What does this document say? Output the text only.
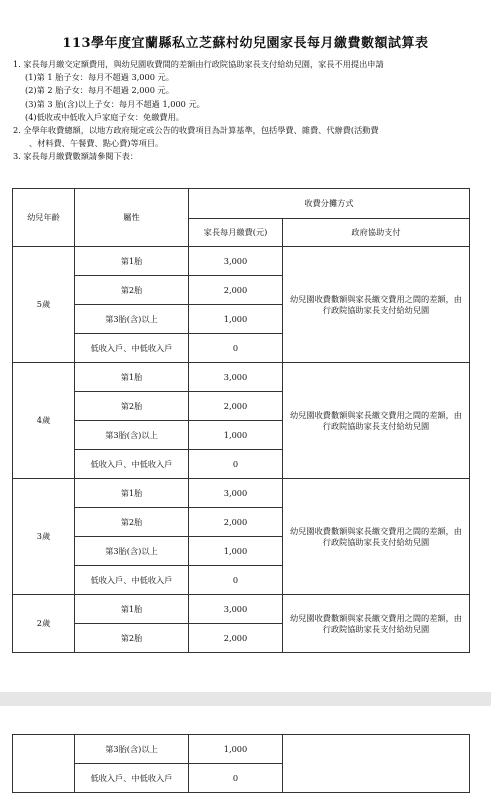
113學年度宜蘭縣私立芝蘇村幼兒園家長每月繳費數額試算表
1. 家長每月繳交定額費用，與幼兒園收費間的差額由行政院協助家長支付給幼兒園，家長不用提出申請
(1)第 1 胎子女：每月不超過 3,000 元。
(2)第 2 胎子女：每月不超過 2,000 元。
(3)第 3 胎(含)以上子女：每月不超過 1,000 元。
(4)低收或中低收入戶家庭子女：免繳費用。
2. 全學年收費總額，以地方政府規定或公告的收費項目為計算基準，包括學費、雜費、代辦費(活動費
、材料費、午餐費、點心費)等項目。
3. 家長每月繳費數額請參閱下表：
幼兒年齡	屬性	收費分攤方式	
		家長每月繳費(元)	政府協助支付
5歲	第1胎	3,000	幼兒園收費數額與家長繳交費用之間的差額，由行政院協助家長支付給幼兒園
	第2胎	2,000	
	第3胎(含)以上	1,000	
	低收入戶、中低收入戶	0	
4歲	第1胎	3,000	幼兒園收費數額與家長繳交費用之間的差額，由行政院協助家長支付給幼兒園
	第2胎	2,000	
	第3胎(含)以上	1,000	
	低收入戶、中低收入戶	0	
3歲	第1胎	3,000	幼兒園收費數額與家長繳交費用之間的差額，由行政院協助家長支付給幼兒園
	第2胎	2,000	
	第3胎(含)以上	1,000	
	低收入戶、中低收入戶	0	
2歲	第1胎	3,000	幼兒園收費數額與家長繳交費用之間的差額，由行政院協助家長支付給幼兒園
	第2胎	2,000	
	第3胎(含)以上	1,000	
	低收入戶、中低收入戶	0	
